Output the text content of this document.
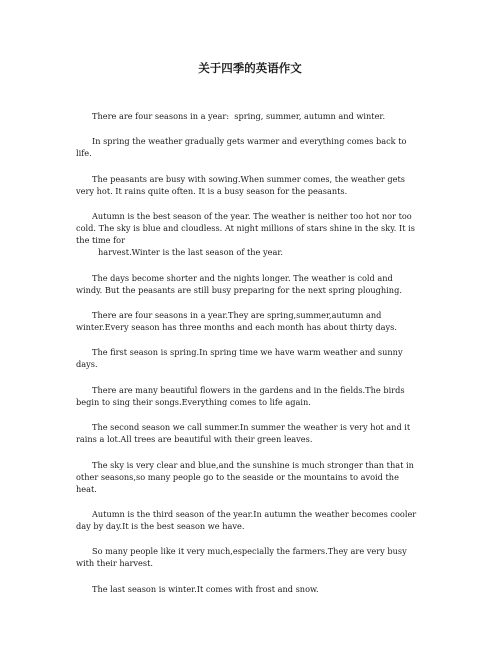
关于四季的英语作文

There are four seasons in a year:  spring, summer, autumn and winter.

In spring the weather gradually gets warmer and everything comes back to life.

The peasants are busy with sowing.When summer comes, the weather gets very hot. It rains quite often. It is a busy season for the peasants.

Autumn is the best season of the year. The weather is neither too hot nor too cold. The sky is blue and cloudless. At night millions of stars shine in the sky. It is the time for
harvest.Winter is the last season of the year.

The days become shorter and the nights longer. The weather is cold and windy. But the peasants are still busy preparing for the next spring ploughing.

There are four seasons in a year.They are spring,summer,autumn and winter.Every season has three months and each month has about thirty days.

The first season is spring.In spring time we have warm weather and sunny days.

There are many beautiful flowers in the gardens and in the fields.The birds begin to sing their songs.Everything comes to life again.

The second season we call summer.In summer the weather is very hot and it rains a lot.All trees are beautiful with their green leaves.

The sky is very clear and blue,and the sunshine is much stronger than that in other seasons,so many people go to the seaside or the mountains to avoid the heat.

Autumn is the third season of the year.In autumn the weather becomes cooler day by day.It is the best season we have.

So many people like it very much,especially the farmers.They are very busy with their harvest.

The last season is winter.It comes with frost and snow.
